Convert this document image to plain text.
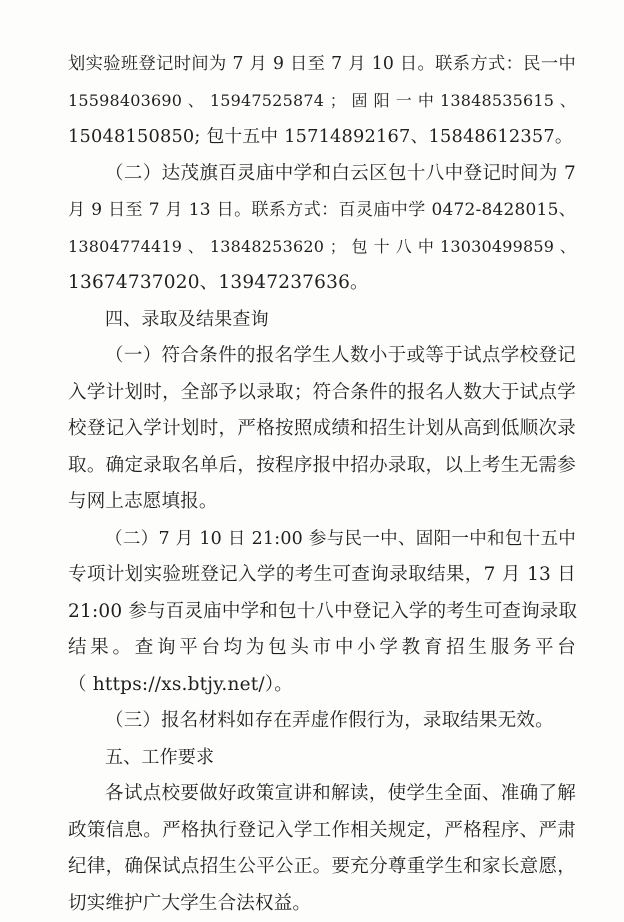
划实验班登记时间为 7 月 9 日至 7 月 10 日。联系方式：民一中
15598403690 、 15947525874 ； 固 阳 一 中 13848535615 、
15048150850; 包十五中 15714892167、15848612357。
（二）达茂旗百灵庙中学和白云区包十八中登记时间为 7
月 9 日至 7 月 13 日。联系方式：百灵庙中学 0472-8428015、
13804774419 、 13848253620 ； 包 十 八 中 13030499859 、
13674737020、13947237636。
四、录取及结果查询
（一）符合条件的报名学生人数小于或等于试点学校登记
入学计划时，全部予以录取；符合条件的报名人数大于试点学
校登记入学计划时，严格按照成绩和招生计划从高到低顺次录
取。确定录取名单后，按程序报中招办录取，以上考生无需参
与网上志愿填报。
（二）7 月 10 日 21:00 参与民一中、固阳一中和包十五中
专项计划实验班登记入学的考生可查询录取结果，7 月 13 日
21:00 参与百灵庙中学和包十八中登记入学的考生可查询录取
结果。查询平台均为包头市中小学教育招生服务平台
（ https://xs.btjy.net/）。
（三）报名材料如存在弄虚作假行为，录取结果无效。
五、工作要求
各试点校要做好政策宣讲和解读，使学生全面、准确了解
政策信息。严格执行登记入学工作相关规定，严格程序、严肃
纪律，确保试点招生公平公正。要充分尊重学生和家长意愿，
切实维护广大学生合法权益。
